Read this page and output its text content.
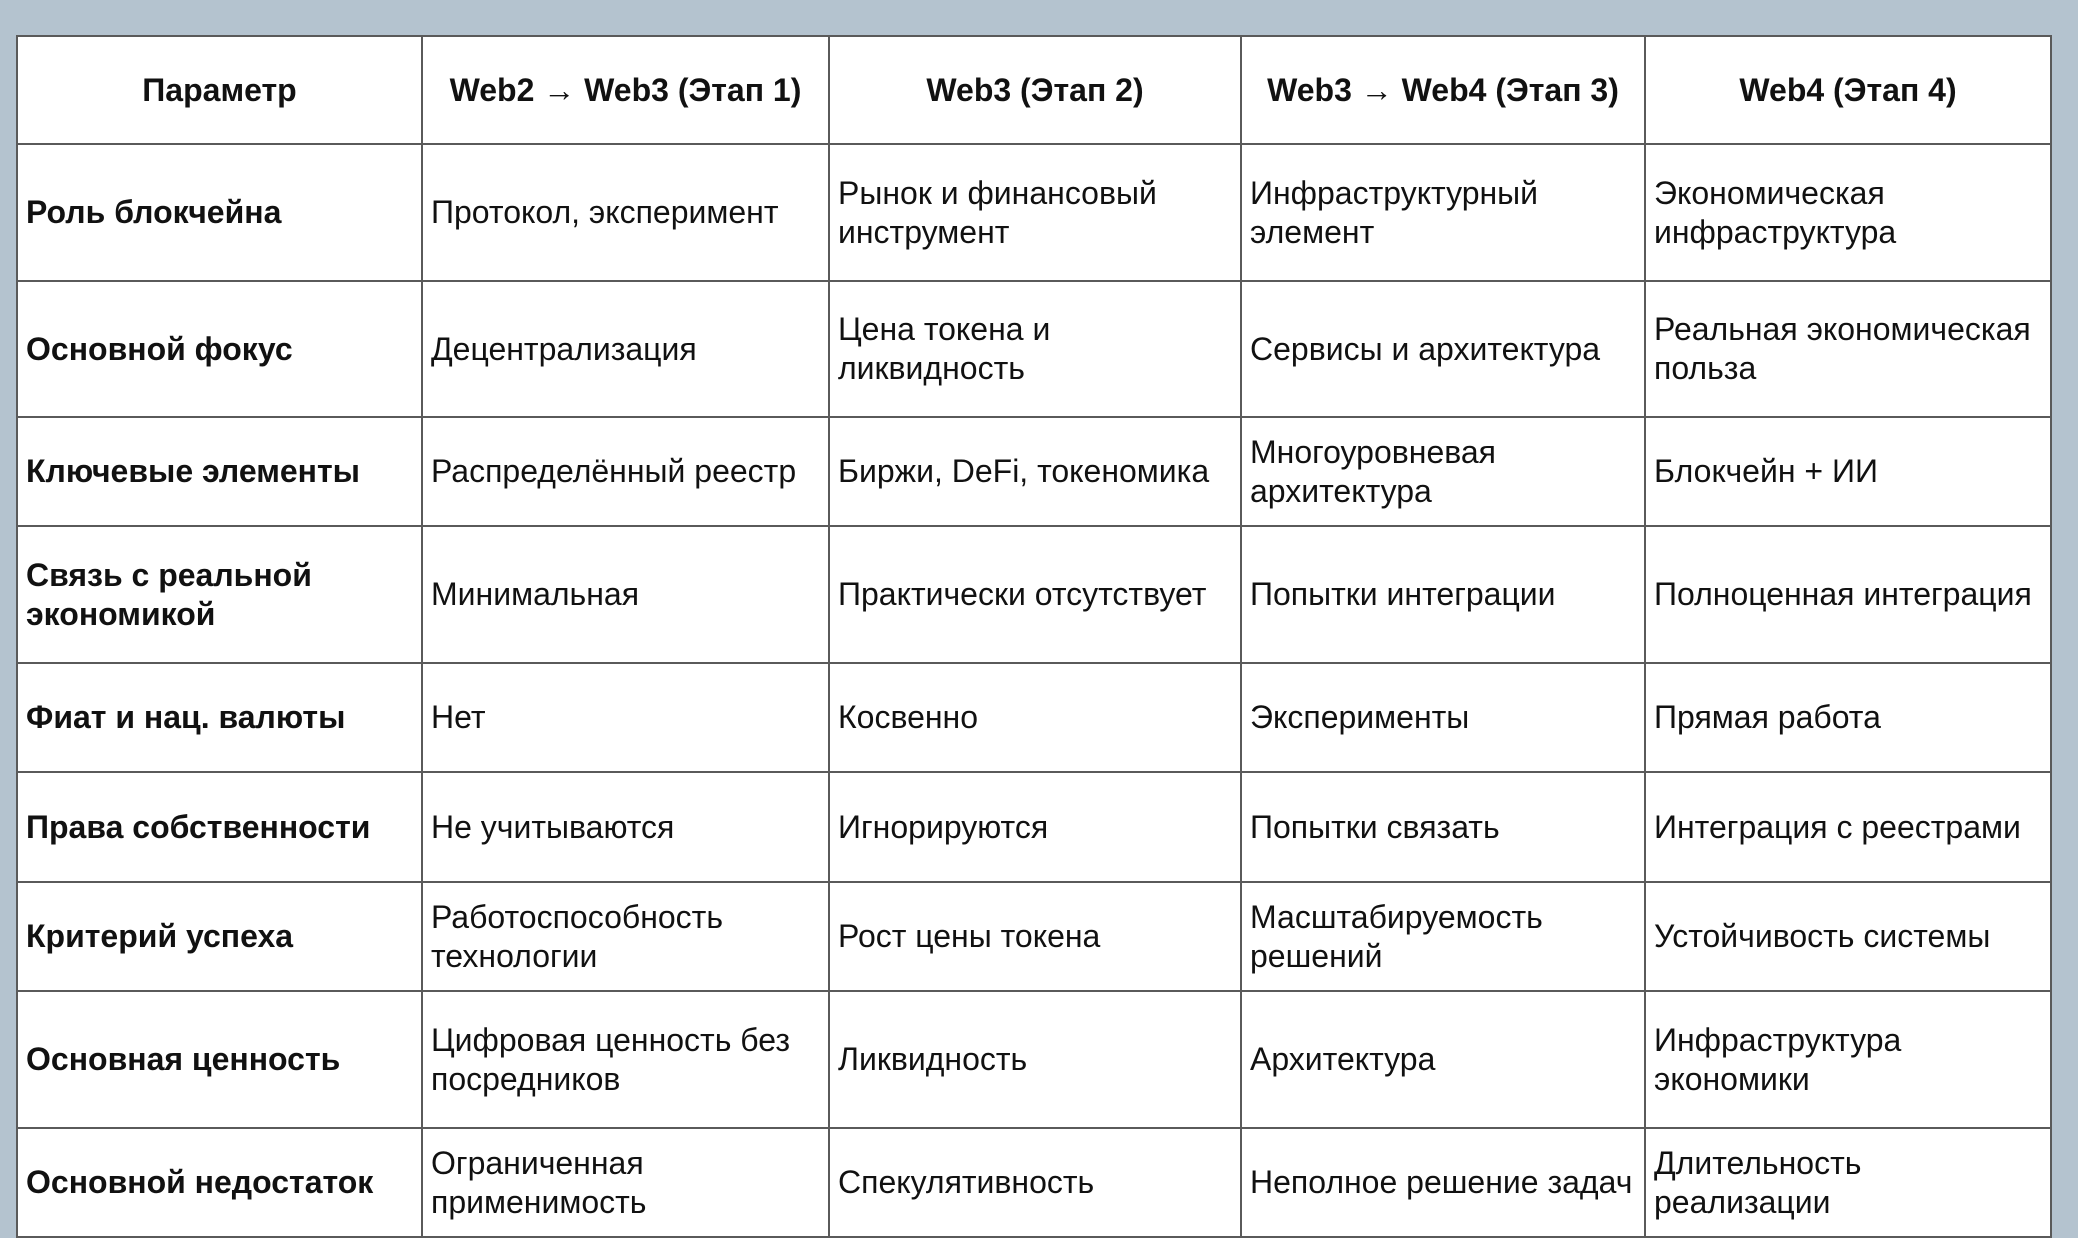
Параметр	Web2 → Web3 (Этап 1)	Web3 (Этап 2)	Web3 → Web4 (Этап 3)	Web4 (Этап 4)
Роль блокчейна	Протокол, эксперимент	Рынок и финансовый инструмент	Инфраструктурный элемент	Экономическая инфраструктура
Основной фокус	Децентрализация	Цена токена и ликвидность	Сервисы и архитектура	Реальная экономическая польза
Ключевые элементы	Распределённый реестр	Биржи, DeFi, токеномика	Многоуровневая архитектура	Блокчейн + ИИ
Связь с реальной экономикой	Минимальная	Практически отсутствует	Попытки интеграции	Полноценная интеграция
Фиат и нац. валюты	Нет	Косвенно	Эксперименты	Прямая работа
Права собственности	Не учитываются	Игнорируются	Попытки связать	Интеграция с реестрами
Критерий успеха	Работоспособность технологии	Рост цены токена	Масштабируемость решений	Устойчивость системы
Основная ценность	Цифровая ценность без посредников	Ликвидность	Архитектура	Инфраструктура экономики
Основной недостаток	Ограниченная применимость	Спекулятивность	Неполное решение задач	Длительность реализации
